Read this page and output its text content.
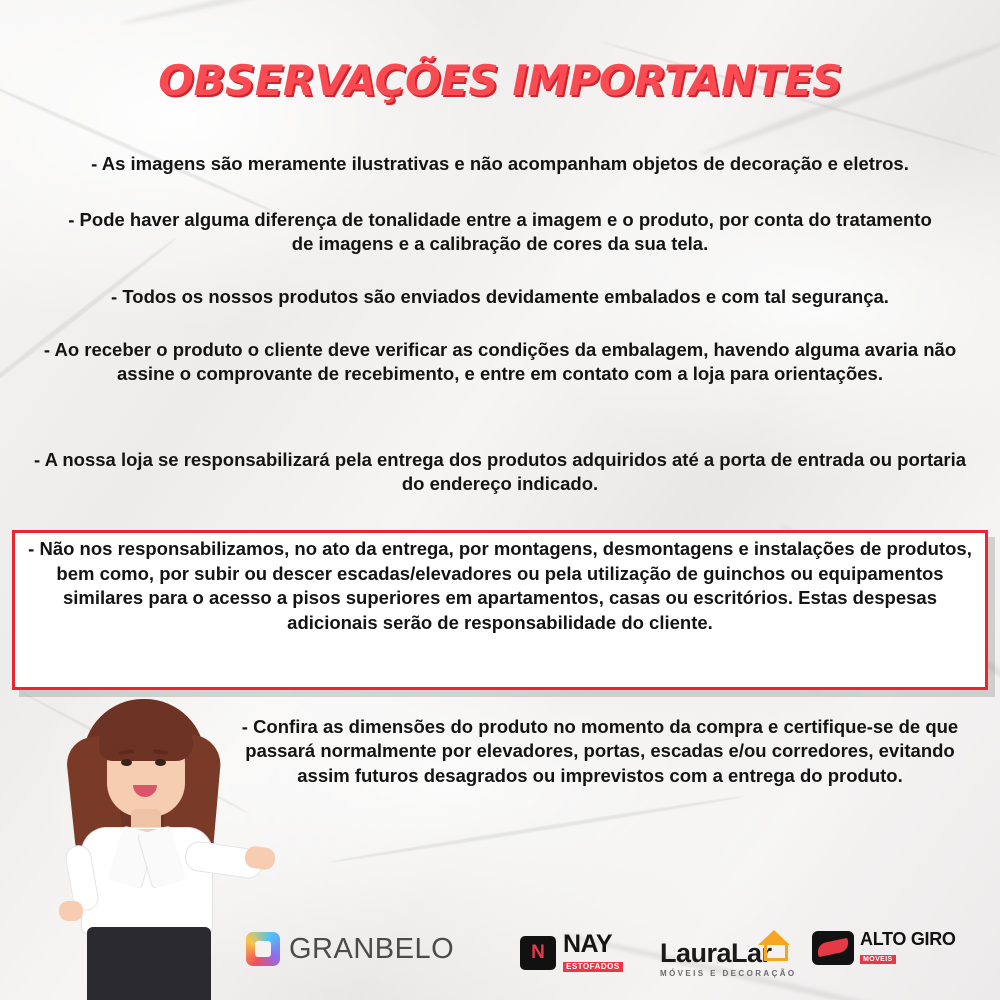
OBSERVAÇÕES IMPORTANTES
- As imagens são meramente ilustrativas e não acompanham objetos de decoração e eletros.
- Pode haver alguma diferença de tonalidade entre a imagem e o produto, por conta do tratamento de imagens e a calibração de cores da sua tela.
- Todos os nossos produtos são enviados devidamente embalados e com tal segurança.
- Ao receber o produto o cliente deve verificar as condições da embalagem, havendo alguma avaria não assine o comprovante de recebimento, e entre em contato com a loja para orientações.
- A nossa loja se responsabilizará pela entrega dos produtos adquiridos até a porta de entrada ou portaria do endereço indicado.
- Não nos responsabilizamos, no ato da entrega, por montagens, desmontagens e instalações de produtos, bem como, por subir ou descer escadas/elevadores ou pela utilização de guinchos ou equipamentos similares para o acesso a pisos superiores em apartamentos, casas ou escritórios. Estas despesas adicionais serão de responsabilidade do cliente.
- Confira as dimensões do produto no momento da compra e certifique-se de que passará normalmente por elevadores, portas, escadas e/ou corredores, evitando assim futuros desagrados ou imprevistos com a entrega do produto.
GRANBELO	N NAY
ESTOFADOS LauraLar
MÓVEIS E DECORAÇÃO
ALTO GIRO
MÓVEIS
